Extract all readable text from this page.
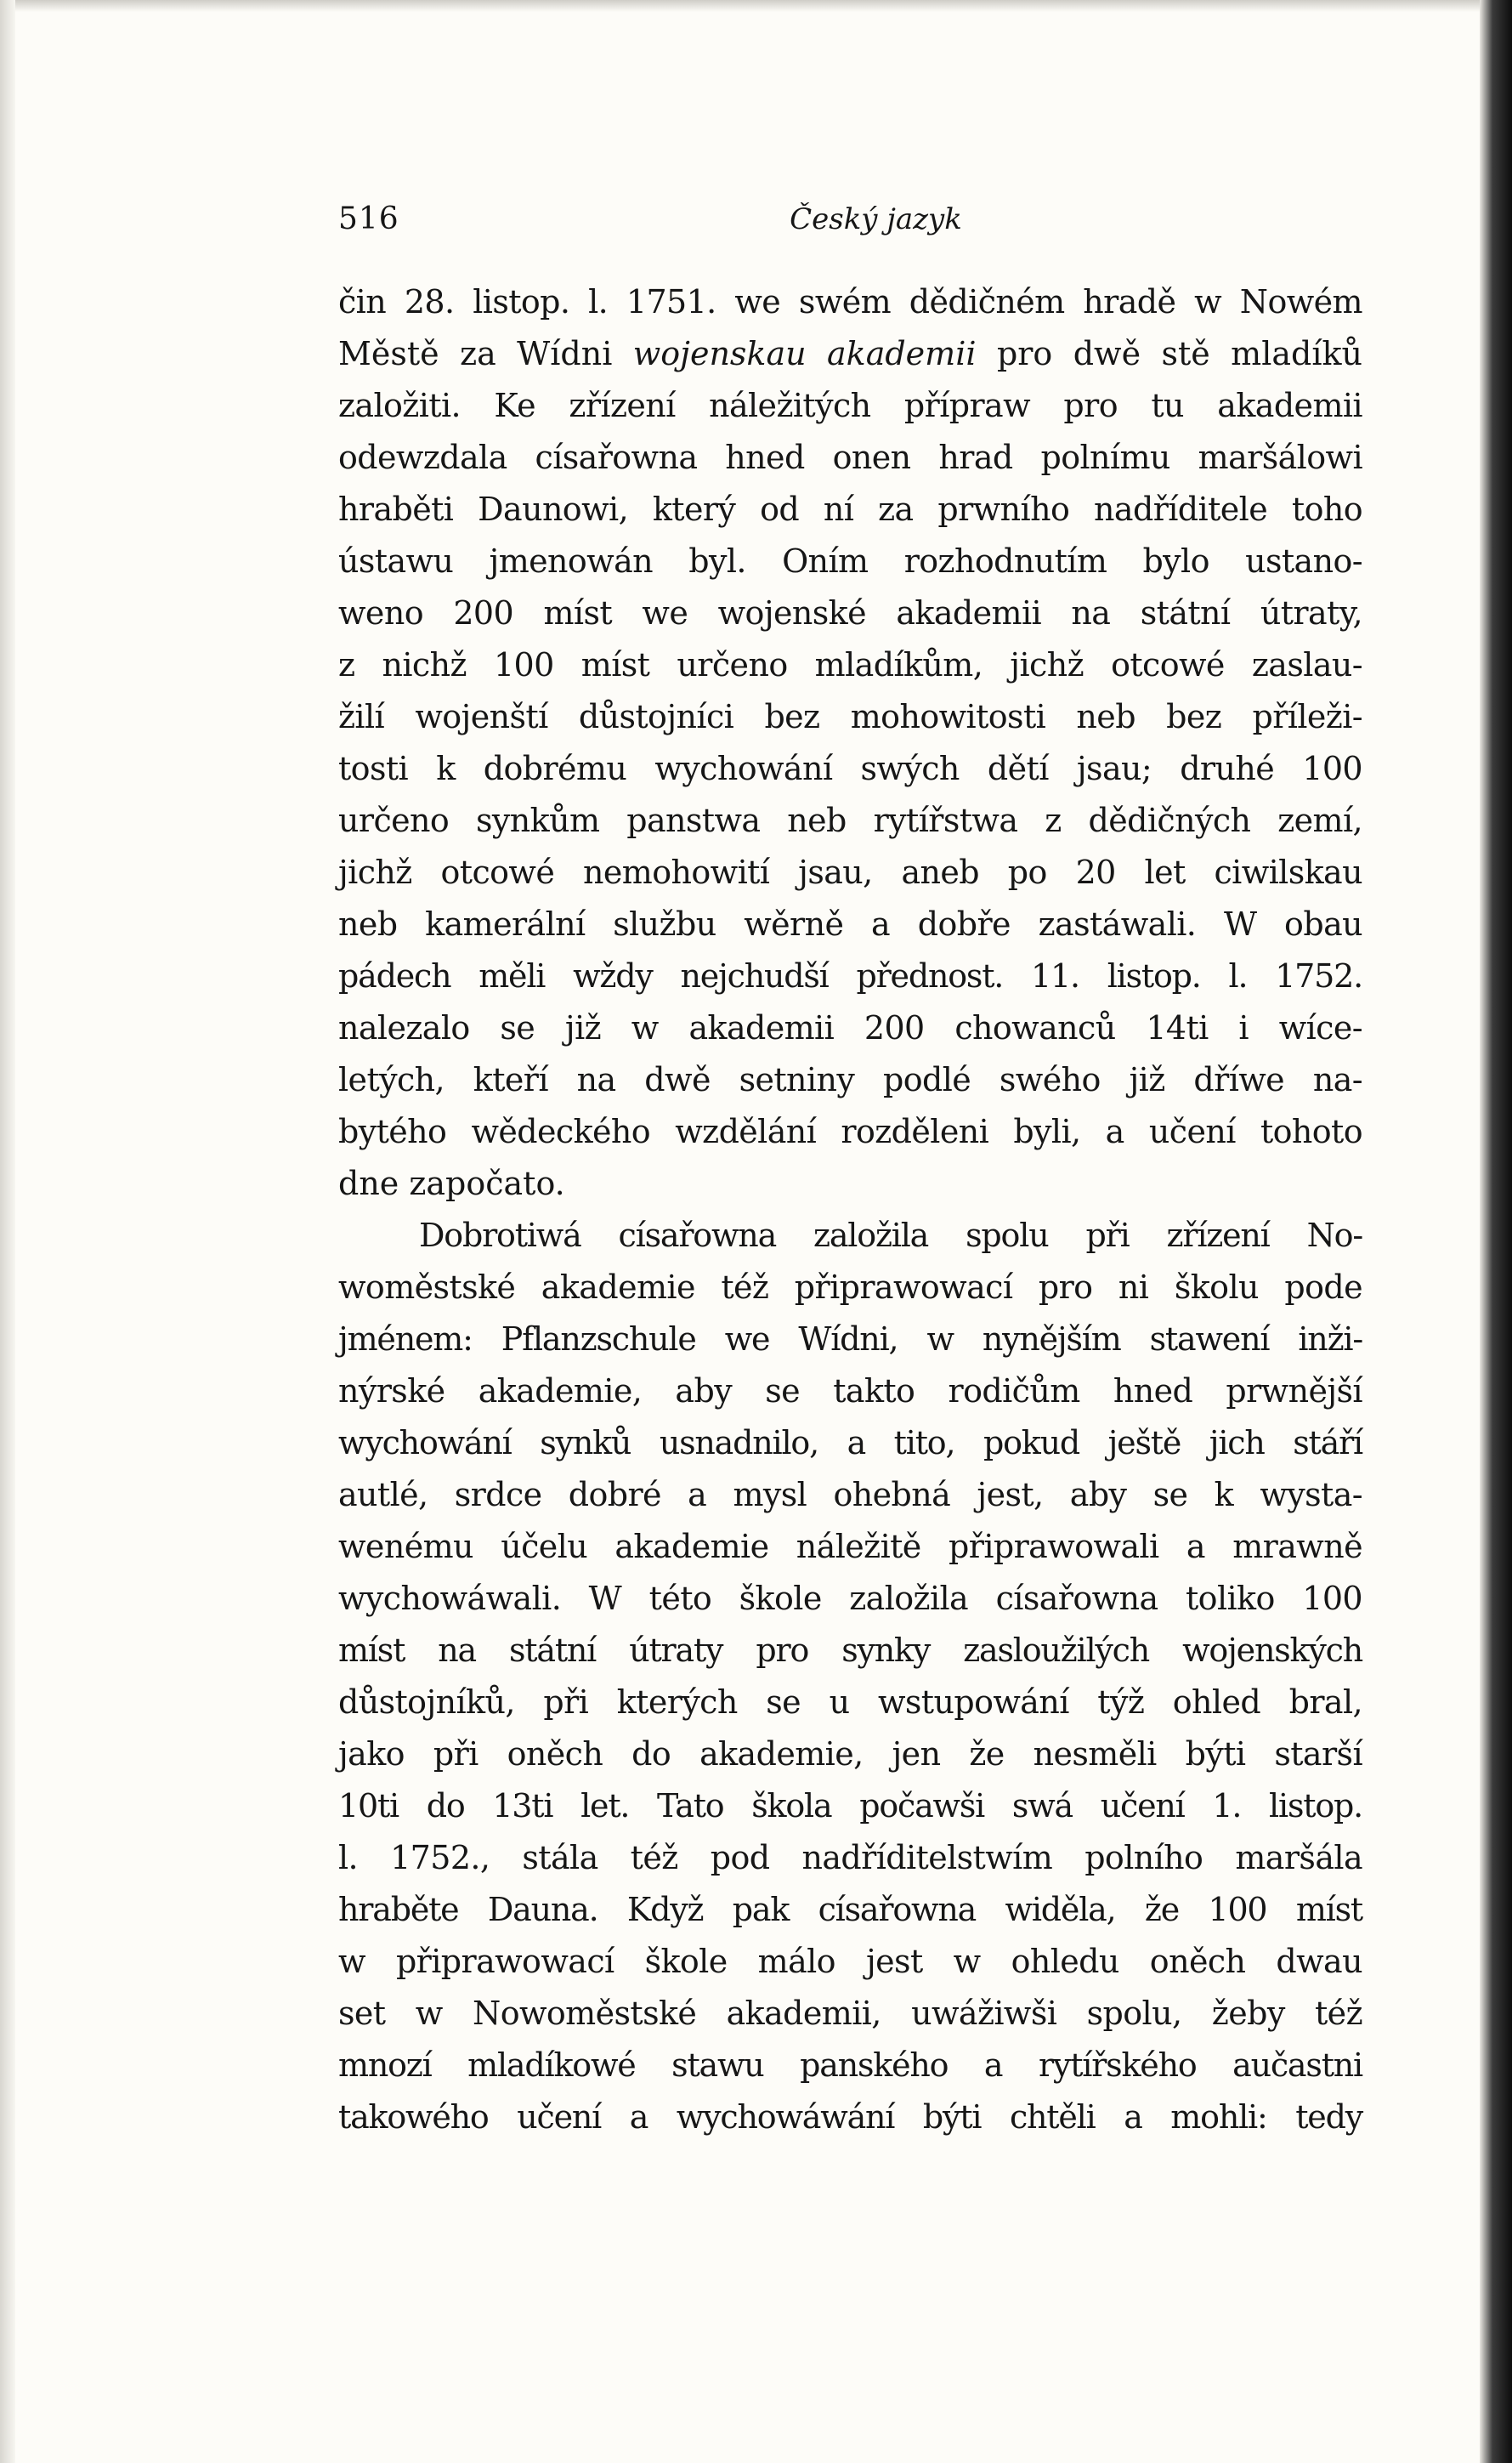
516	Český jazyk
čin 28. listop. l. 1751. we swém dědičném hradě w Nowém
Městě za Wídni wojenskau akademii pro dwě stě mladíků
založiti. Ke zřízení náležitých přípraw pro tu akademii
odewzdala císařowna hned onen hrad polnímu maršálowi
hraběti Daunowi, který od ní za prwního nadříditele toho
ústawu jmenowán byl. Oním rozhodnutím bylo ustano-
weno 200 míst we wojenské akademii na státní útraty,
z nichž 100 míst určeno mladíkům, jichž otcowé zaslau-
žilí wojenští důstojníci bez mohowitosti neb bez příleži-
tosti k dobrému wychowání swých dětí jsau; druhé 100
určeno synkům panstwa neb rytířstwa z dědičných zemí,
jichž otcowé nemohowití jsau, aneb po 20 let ciwilskau
neb kamerální službu wěrně a dobře zastáwali. W obau
pádech měli wždy nejchudší přednost. 11. listop. l. 1752.
nalezalo se již w akademii 200 chowanců 14ti i wíce-
letých, kteří na dwě setniny podlé swého již dříwe na-
bytého wědeckého wzdělání rozděleni byli, a učení tohoto
dne započato.
Dobrotiwá císařowna založila spolu při zřízení No-
woměstské akademie též připrawowací pro ni školu pode
jménem: Pflanzschule we Wídni, w nynějším stawení inži-
nýrské akademie, aby se takto rodičům hned prwnější
wychowání synků usnadnilo, a tito, pokud ještě jich stáří
autlé, srdce dobré a mysl ohebná jest, aby se k wysta-
wenému účelu akademie náležitě připrawowali a mrawně
wychowáwali. W této škole založila císařowna toliko 100
míst na státní útraty pro synky zasloužilých wojenských
důstojníků, při kterých se u wstupowání týž ohled bral,
jako při oněch do akademie, jen že nesměli býti starší
10ti do 13ti let. Tato škola počawši swá učení 1. listop.
l. 1752., stála též pod nadříditelstwím polního maršála
hraběte Dauna. Když pak císařowna widěla, že 100 míst
w připrawowací škole málo jest w ohledu oněch dwau
set w Nowoměstské akademii, uwážiwši spolu, žeby též
mnozí mladíkowé stawu panského a rytířského aučastni
takowého učení a wychowáwání býti chtěli a mohli: tedy
